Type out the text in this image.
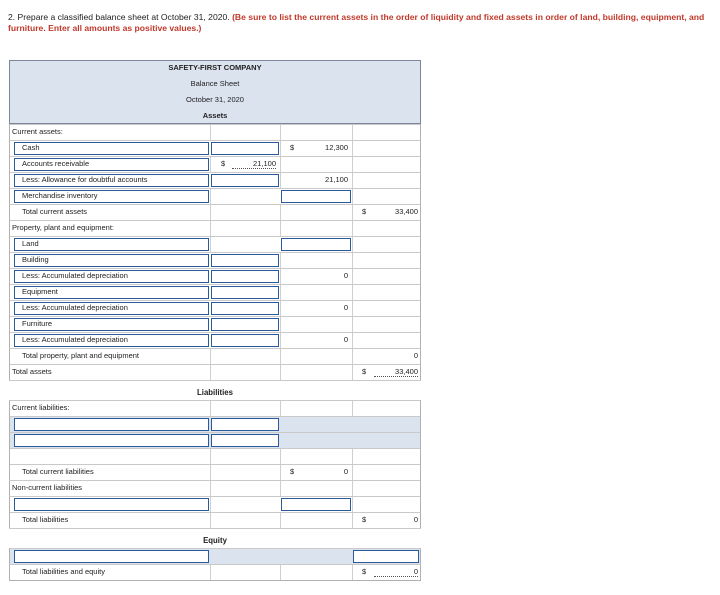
2. Prepare a classified balance sheet at October 31, 2020. (Be sure to list the current assets in the order of liquidity and fixed assets in order of land, building, equipment, and furniture. Enter all amounts as positive values.)
SAFETY-FIRST COMPANY
Balance Sheet
October 31, 2020
Assets
Current assets:
Cash	$	12,300
Accounts receivable	$	21,100
Less: Allowance for doubtful accounts	21,100
Merchandise inventory
Total current assets	$	33,400
Property, plant and equipment:
Land
Building
Less: Accumulated depreciation	0
Equipment
Less: Accumulated depreciation	0
Furniture
Less: Accumulated depreciation	0
Total property, plant and equipment	0
Total assets	$	33,400
Liabilities
Current liabilities:
Total current liabilities	$	0
Non-current liabilities
Total liabilities	$	0
Equity
Total liabilities and equity	$	0
